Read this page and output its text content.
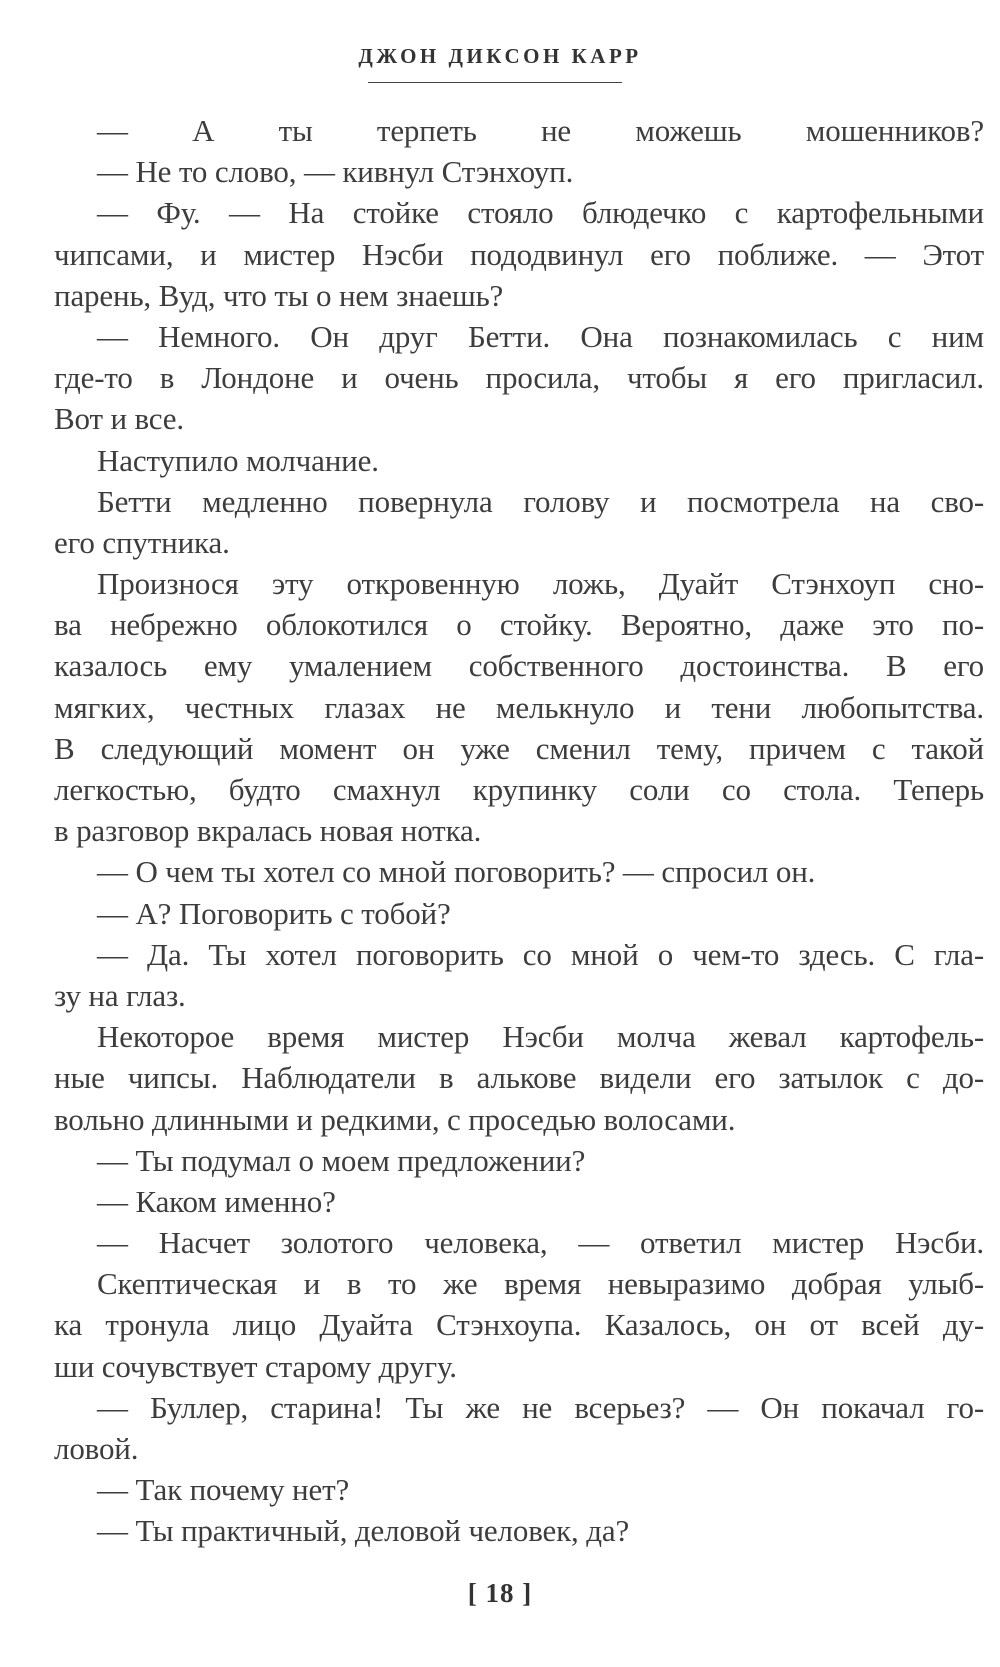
ДЖОН ДИКСОН КАРР
— А ты терпеть не можешь мошенников?
— Не то слово, — кивнул Стэнхоуп.
— Фу. — На стойке стояло блюдечко с картофельными
чипсами, и мистер Нэсби пододвинул его поближе. — Этот
парень, Вуд, что ты о нем знаешь?
— Немного. Он друг Бетти. Она познакомилась с ним
где-то в Лондоне и очень просила, чтобы я его пригласил.
Вот и все.
Наступило молчание.
Бетти медленно повернула голову и посмотрела на сво-
его спутника.
Произнося эту откровенную ложь, Дуайт Стэнхоуп сно-
ва небрежно облокотился о стойку. Вероятно, даже это по-
казалось ему умалением собственного достоинства. В его
мягких, честных глазах не мелькнуло и тени любопытства.
В следующий момент он уже сменил тему, причем с такой
легкостью, будто смахнул крупинку соли со стола. Теперь
в разговор вкралась новая нотка.
— О чем ты хотел со мной поговорить? — спросил он.
— А? Поговорить с тобой?
— Да. Ты хотел поговорить со мной о чем-то здесь. С гла-
зу на глаз.
Некоторое время мистер Нэсби молча жевал картофель-
ные чипсы. Наблюдатели в алькове видели его затылок с до-
вольно длинными и редкими, с проседью волосами.
— Ты подумал о моем предложении?
— Каком именно?
— Насчет золотого человека, — ответил мистер Нэсби.
Скептическая и в то же время невыразимо добрая улыб-
ка тронула лицо Дуайта Стэнхоупа. Казалось, он от всей ду-
ши сочувствует старому другу.
— Буллер, старина! Ты же не всерьез? — Он покачал го-
ловой.
— Так почему нет?
— Ты практичный, деловой человек, да?
[ 18 ]
